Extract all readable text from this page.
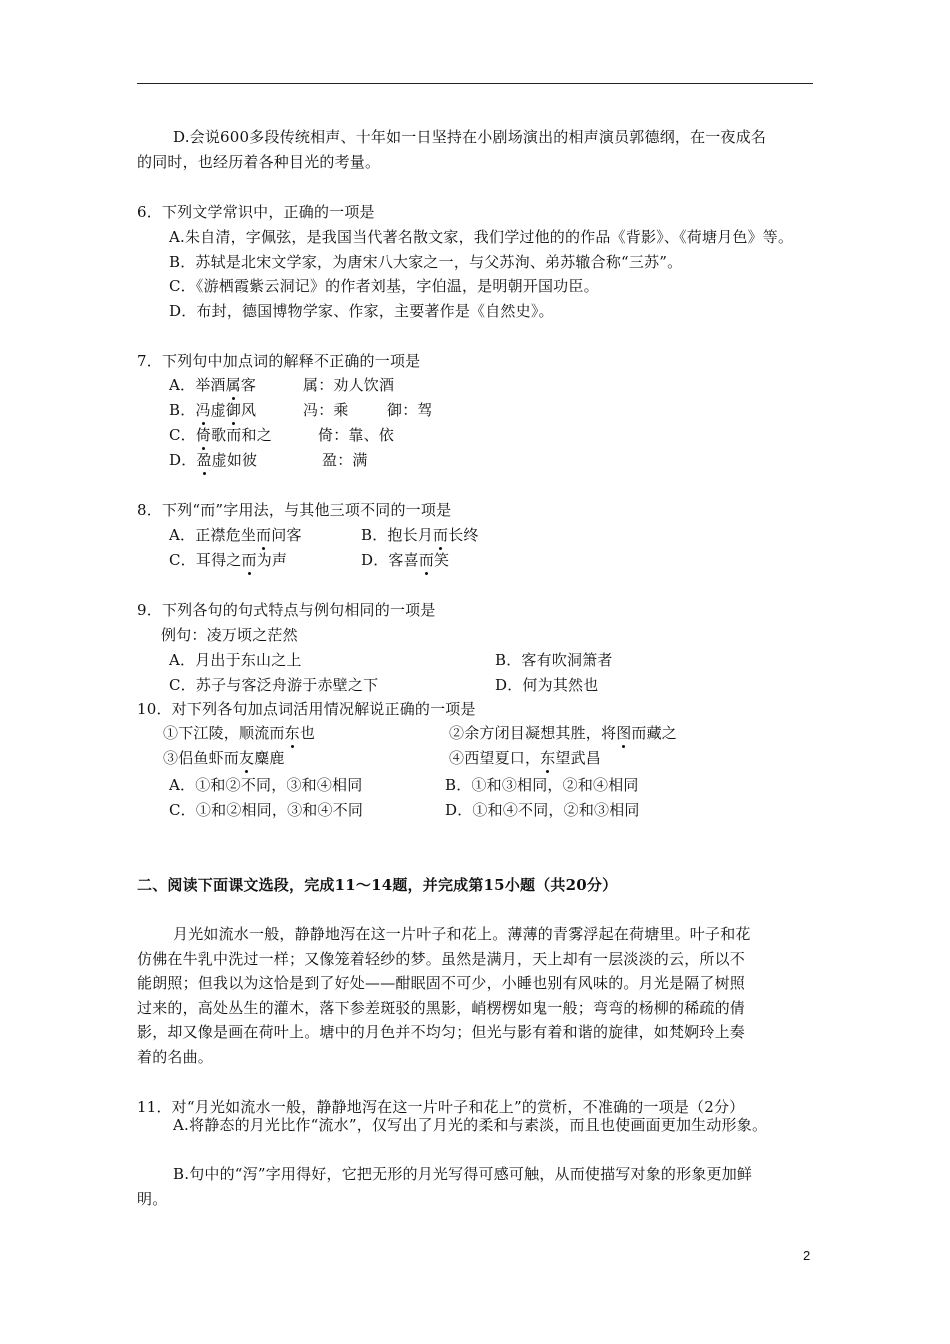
D.会说600多段传统相声、十年如一日坚持在小剧场演出的相声演员郭德纲，在一夜成名
的同时，也经历着各种目光的考量。
6．下列文学常识中，正确的一项是
A.朱自清，字佩弦，是我国当代著名散文家，我们学过他的的作品《背影》、《荷塘月色》等。
B．苏轼是北宋文学家，为唐宋八大家之一，与父苏洵、弟苏辙合称“三苏”。
C．《游栖霞紫云洞记》的作者刘基，字伯温，是明朝开国功臣。
D．布封，德国博物学家、作家，主要著作是《自然史》。
7．下列句中加点词的解释不正确的一项是
A．举酒属客	属：劝人饮酒
B．冯虚御风	冯：乘	御：驾
C．倚歌而和之	倚：靠、依
D．盈虚如彼	盈：满
8．下列“而”字用法，与其他三项不同的一项是
A．正襟危坐而问客	B．抱长月而长终
C．耳得之而为声	D．客喜而笑
9．下列各句的句式特点与例句相同的一项是
例句：凌万顷之茫然
A．月出于东山之上	B．客有吹洞箫者
C．苏子与客泛舟游于赤壁之下	D．何为其然也
10．对下列各句加点词活用情况解说正确的一项是
①下江陵，顺流而东也	②余方闭目凝想其胜，将图而藏之
③侣鱼虾而友麋鹿	④西望夏口，东望武昌
A．①和②不同，③和④相同	B．①和③相同，②和④相同
C．①和②相同，③和④不同	D．①和④不同，②和③相同
二、阅读下面课文选段，完成11～14题，并完成第15小题（共20分）
月光如流水一般，静静地泻在这一片叶子和花上。薄薄的青雾浮起在荷塘里。叶子和花
仿佛在牛乳中洗过一样；又像笼着轻纱的梦。虽然是满月，天上却有一层淡淡的云，所以不
能朗照；但我以为这恰是到了好处——酣眠固不可少，小睡也别有风味的。月光是隔了树照
过来的，高处丛生的灌木，落下参差斑驳的黑影，峭楞楞如鬼一般；弯弯的杨柳的稀疏的倩
影，却又像是画在荷叶上。塘中的月色并不均匀；但光与影有着和谐的旋律，如梵婀玲上奏
着的名曲。
11．对“月光如流水一般，静静地泻在这一片叶子和花上”的赏析，不准确的一项是（2分）
A.将静态的月光比作“流水”，仅写出了月光的柔和与素淡，而且也使画面更加生动形象。
B.句中的“泻”字用得好，它把无形的月光写得可感可触，从而使描写对象的形象更加鲜
明。
2
